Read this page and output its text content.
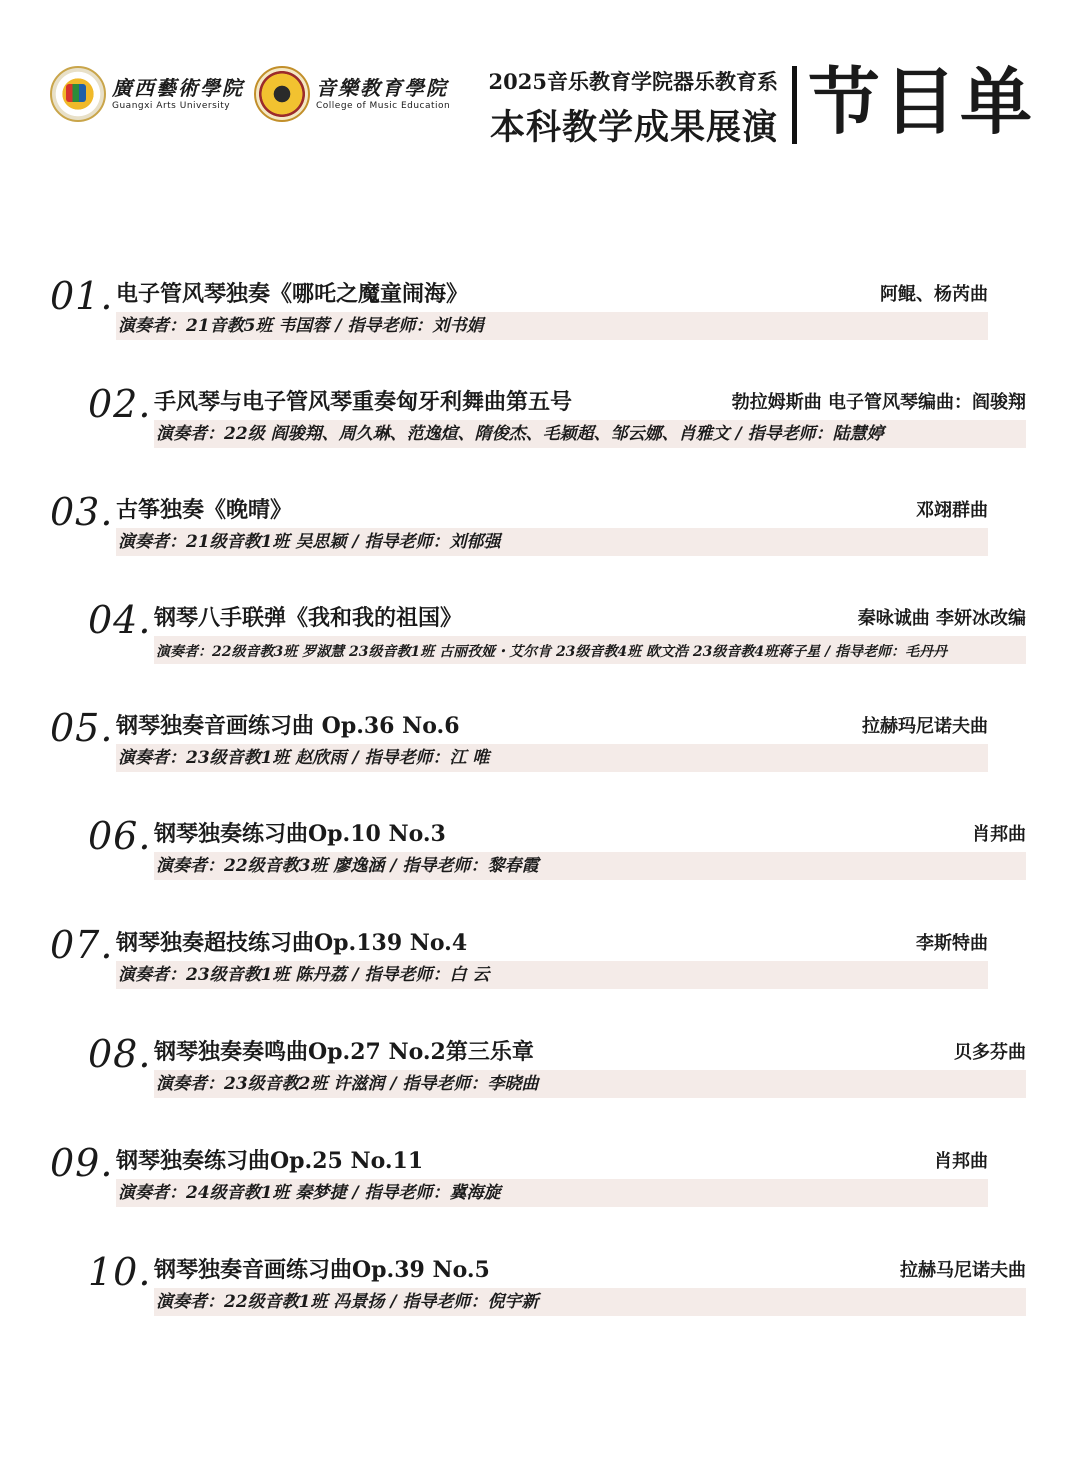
廣西藝術學院
Guangxi Arts University
音樂教育學院
College of Music Education
2025音乐教育学院器乐教育系
本科教学成果展演 节目单
01. 电子管风琴独奏《哪吒之魔童闹海》	阿鲲、杨芮曲
演奏者：21音教5班 韦国蓉 / 指导老师：刘书娟
02. 手风琴与电子管风琴重奏匈牙利舞曲第五号	勃拉姆斯曲 电子管风琴编曲：阎骏翔
演奏者：22级 阎骏翔、周久琳、范逸煊、隋俊杰、毛颖超、邹云娜、肖雅文 / 指导老师：陆慧婷
03. 古筝独奏《晚晴》	邓翊群曲
演奏者：21级音教1班 吴思颖 / 指导老师：刘郁强
04. 钢琴八手联弹《我和我的祖国》	秦咏诚曲 李妍冰改编
演奏者：22级音教3班 罗淑慧 23级音教1班 古丽孜娅・艾尔肯 23级音教4班 欧文浩 23级音教4班蒋子星 / 指导老师：毛丹丹
05. 钢琴独奏音画练习曲 Op.36 No.6	拉赫玛尼诺夫曲
演奏者：23级音教1班 赵欣雨 / 指导老师：江 唯
06. 钢琴独奏练习曲Op.10 No.3	肖邦曲
演奏者：22级音教3班 廖逸涵 / 指导老师：黎春霞
07. 钢琴独奏超技练习曲Op.139 No.4	李斯特曲
演奏者：23级音教1班 陈丹荔 / 指导老师：白 云
08. 钢琴独奏奏鸣曲Op.27 No.2第三乐章	贝多芬曲
演奏者：23级音教2班 许滋润 / 指导老师：李晓曲
09. 钢琴独奏练习曲Op.25 No.11	肖邦曲
演奏者：24级音教1班 秦梦捷 / 指导老师：冀海旋
10. 钢琴独奏音画练习曲Op.39 No.5	拉赫马尼诺夫曲
演奏者：22级音教1班 冯景扬 / 指导老师：倪宇新
